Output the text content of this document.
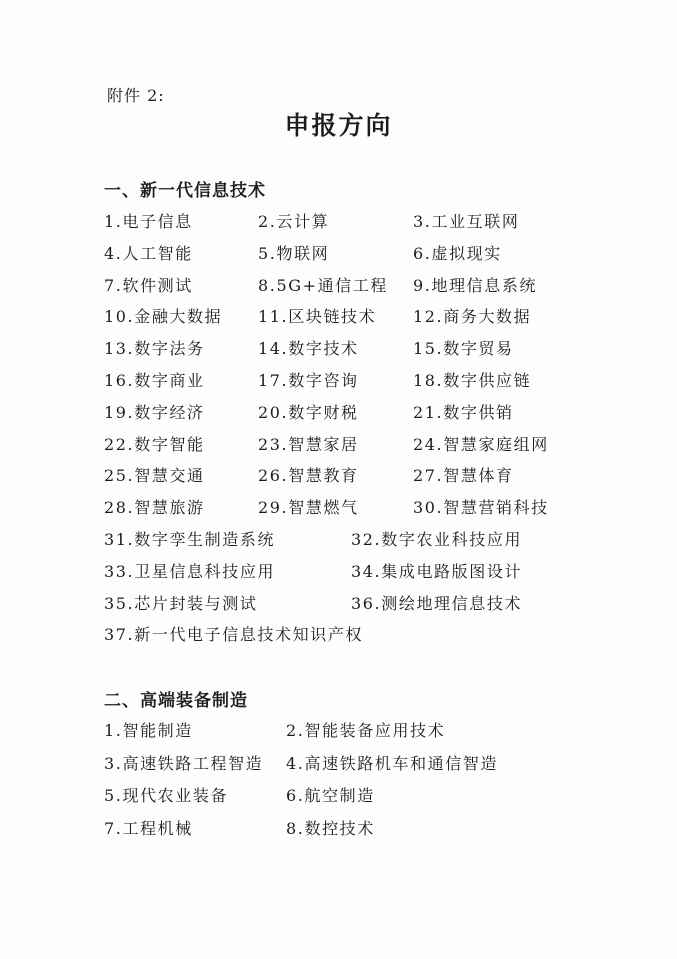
附件 2:
申报方向
一、新一代信息技术
1.电子信息	2.云计算	3.工业互联网
4.人工智能	5.物联网	6.虚拟现实
7.软件测试	8.5G+通信工程 9.地理信息系统
10.金融大数据 11.区块链技术 12.商务大数据
13.数字法务	14.数字技术	15.数字贸易
16.数字商业	17.数字咨询	18.数字供应链
19.数字经济	20.数字财税	21.数字供销
22.数字智能	23.智慧家居	24.智慧家庭组网
25.智慧交通	26.智慧教育	27.智慧体育
28.智慧旅游	29.智慧燃气	30.智慧营销科技
31.数字孪生制造系统	32.数字农业科技应用
33.卫星信息科技应用	34.集成电路版图设计
35.芯片封装与测试	36.测绘地理信息技术
37.新一代电子信息技术知识产权
二、高端装备制造
1.智能制造	2.智能装备应用技术
3.高速铁路工程智造 4.高速铁路机车和通信智造
5.现代农业装备	6.航空制造
7.工程机械	8.数控技术
